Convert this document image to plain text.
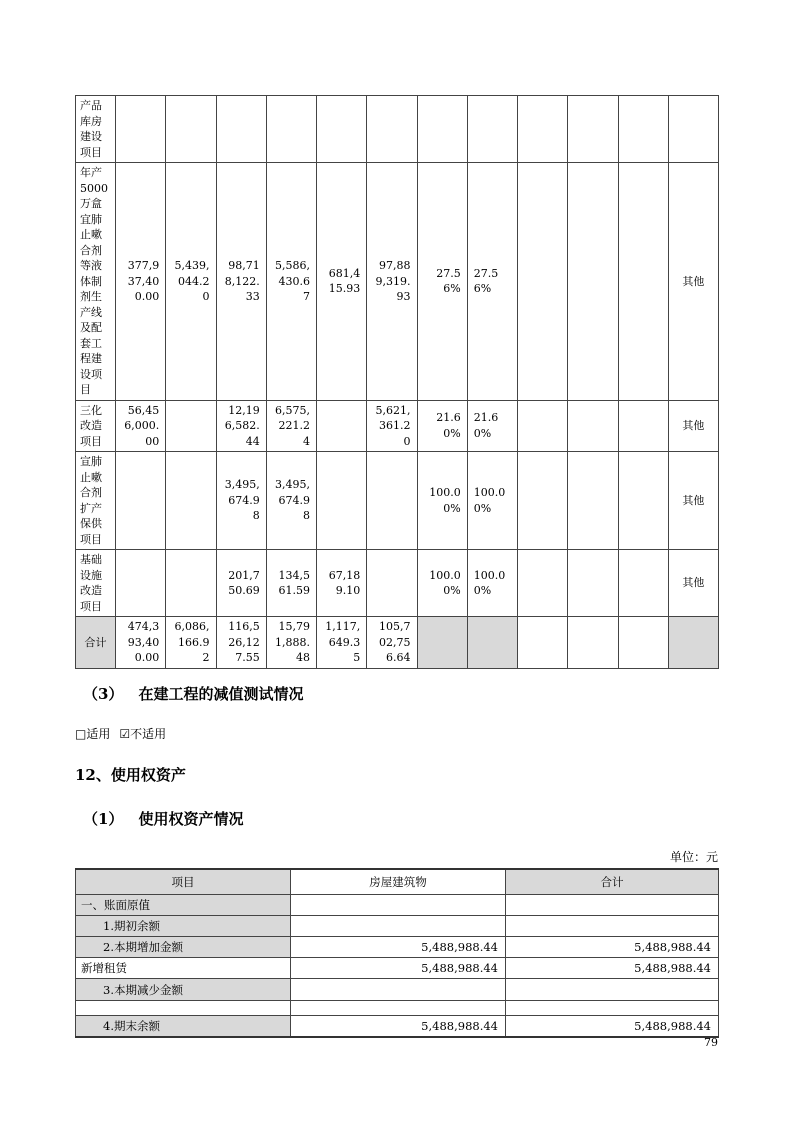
产品库房建设项目												
年产5000万盒宜肺止嗽合剂等液体制剂生产线及配套工程建设项目	377,937,400.00	5,439,044.20	98,718,122.33	5,586,430.67	681,415.93	97,889,319.93	27.56%	27.56%				其他
三化改造项目	56,456,000.00		12,196,582.44	6,575,221.24		5,621,361.20	21.60%	21.60%				其他
宣肺止嗽合剂扩产保供项目			3,495,674.98	3,495,674.98			100.00%	100.00%				其他
基础设施改造项目			201,750.69	134,561.59	67,189.10		100.00%	100.00%				其他
合计	474,393,400.00	6,086,166.92	116,526,127.55	15,791,888.48	1,117,649.35	105,702,756.64						
（3） 在建工程的减值测试情况
□适用 ☑不适用
12、使用权资产
（1） 使用权资产情况
单位：元
项目	房屋建筑物	合计
一、账面原值		
1.期初余额		
2.本期增加金额	5,488,988.44	5,488,988.44
新增租赁	5,488,988.44	5,488,988.44
3.本期减少金额		

4.期末余额	5,488,988.44	5,488,988.44
79
